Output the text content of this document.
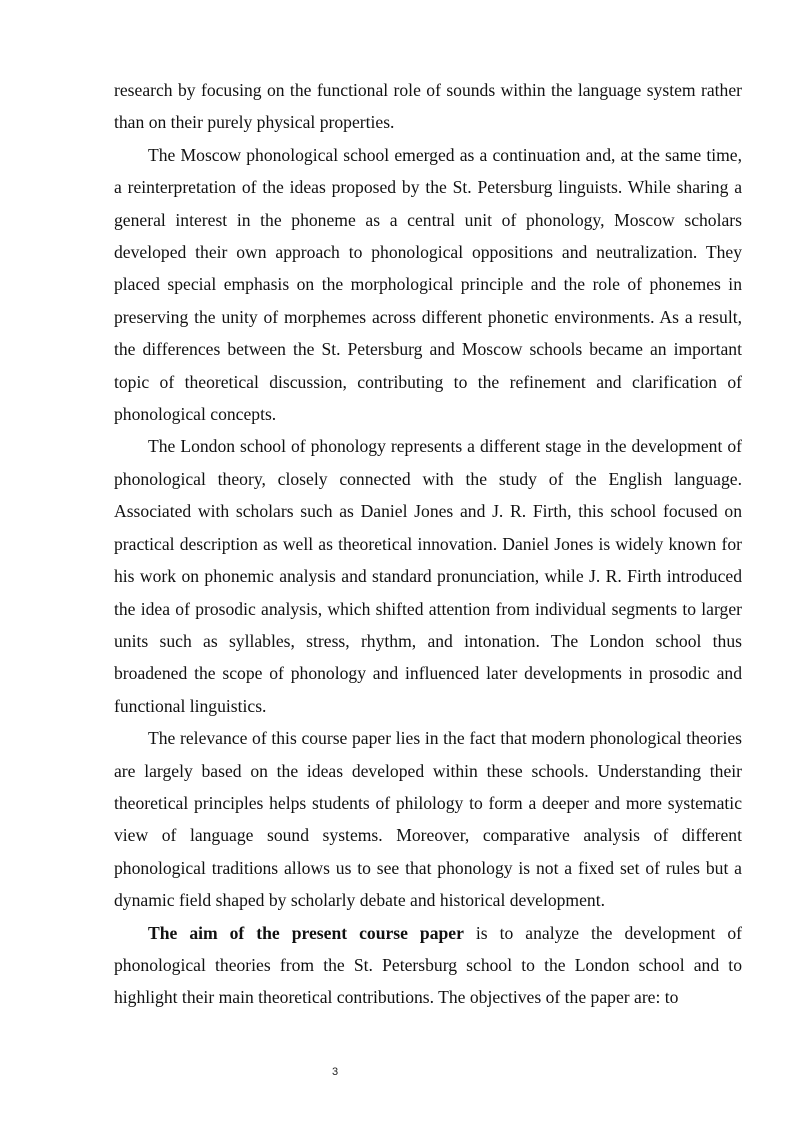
research by focusing on the functional role of sounds within the language system rather than on their purely physical properties.

The Moscow phonological school emerged as a continuation and, at the same time, a reinterpretation of the ideas proposed by the St. Petersburg linguists. While sharing a general interest in the phoneme as a central unit of phonology, Moscow scholars developed their own approach to phonological oppositions and neutralization. They placed special emphasis on the morphological principle and the role of phonemes in preserving the unity of morphemes across different phonetic environments. As a result, the differences between the St. Petersburg and Moscow schools became an important topic of theoretical discussion, contributing to the refinement and clarification of phonological concepts.

The London school of phonology represents a different stage in the development of phonological theory, closely connected with the study of the English language. Associated with scholars such as Daniel Jones and J. R. Firth, this school focused on practical description as well as theoretical innovation. Daniel Jones is widely known for his work on phonemic analysis and standard pronunciation, while J. R. Firth introduced the idea of prosodic analysis, which shifted attention from individual segments to larger units such as syllables, stress, rhythm, and intonation. The London school thus broadened the scope of phonology and influenced later developments in prosodic and functional linguistics.

The relevance of this course paper lies in the fact that modern phonological theories are largely based on the ideas developed within these schools. Understanding their theoretical principles helps students of philology to form a deeper and more systematic view of language sound systems. Moreover, comparative analysis of different phonological traditions allows us to see that phonology is not a fixed set of rules but a dynamic field shaped by scholarly debate and historical development.

The aim of the present course paper is to analyze the development of phonological theories from the St. Petersburg school to the London school and to highlight their main theoretical contributions. The objectives of the paper are: to

3
